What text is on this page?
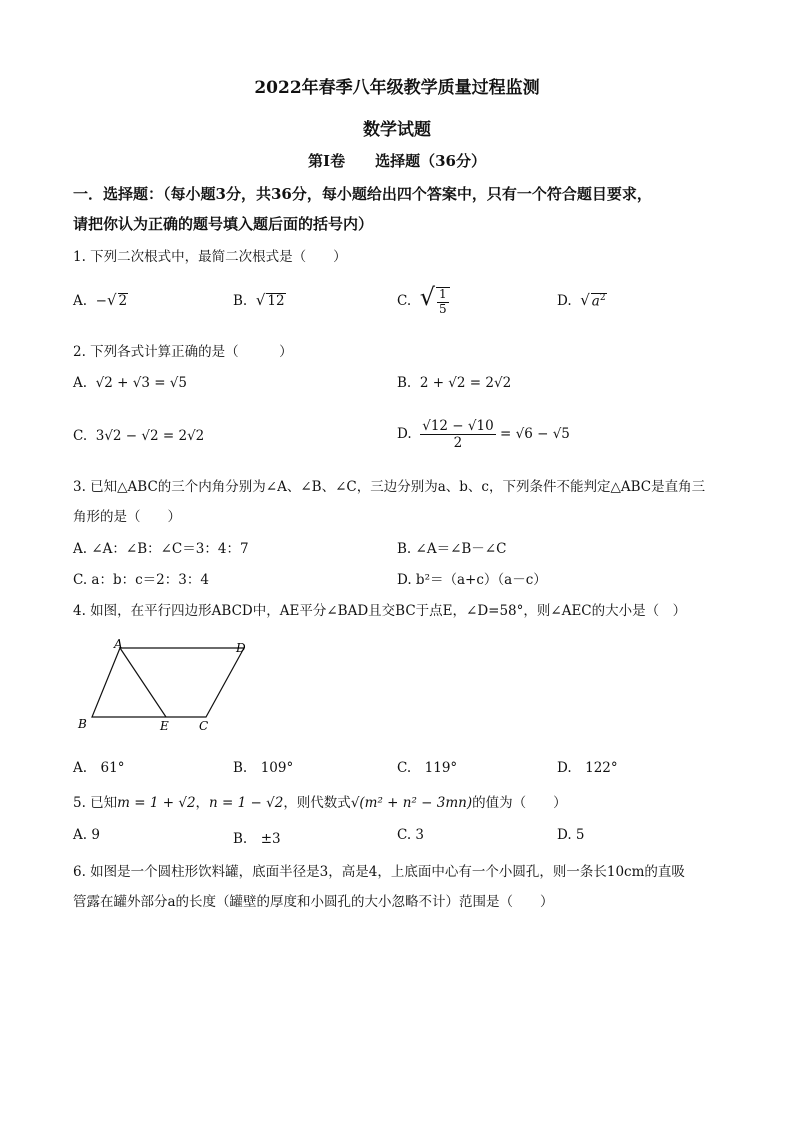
2022年春季八年级教学质量过程监测
数学试题
第Ⅰ卷　　选择题（36分）
一．选择题：（每小题3分，共36分，每小题给出四个答案中，只有一个符合题目要求，
请把你认为正确的题号填入题后面的括号内）
1. 下列二次根式中，最简二次根式是（　　）
A. −√ 2	B. √ 12	C. √ $\frac{1}{5}$	D. √ $a^2$
2. 下列各式计算正确的是（　　　）
A. √2 + √3 = √5	B. 2 + √2 = 2√2
C. 3√2 − √2 = 2√2	D. $\frac{√12 - √10}{2} = √6 - √5$
3. 已知△ABC的三个内角分别为∠A、∠B、∠C，三边分别为a、b、c，下列条件不能判定△ABC是直角三
角形的是（　　）
A. ∠A：∠B：∠C＝3：4：7	B. ∠A＝∠B－∠C
C. a：b：c＝2：3：4	D. b²＝（a+c）（a－c）
4. 如图，在平行四边形ABCD中，AE平分∠BAD且交BC于点E，∠D=58°，则∠AEC的大小是（　）
A	D
B	E	C
A.　61°	B.　109°	C.　119°	D.　122°
5. 已知m = 1 + √2，n = 1 − √2，则代数式√(m² + n² − 3mn)的值为（　　）
A. 9	B.　±3	C. 3	D. 5
6. 如图是一个圆柱形饮料罐，底面半径是3，高是4，上底面中心有一个小圆孔，则一条长10cm的直吸
管露在罐外部分a的长度（罐壁的厚度和小圆孔的大小忽略不计）范围是（　　）
